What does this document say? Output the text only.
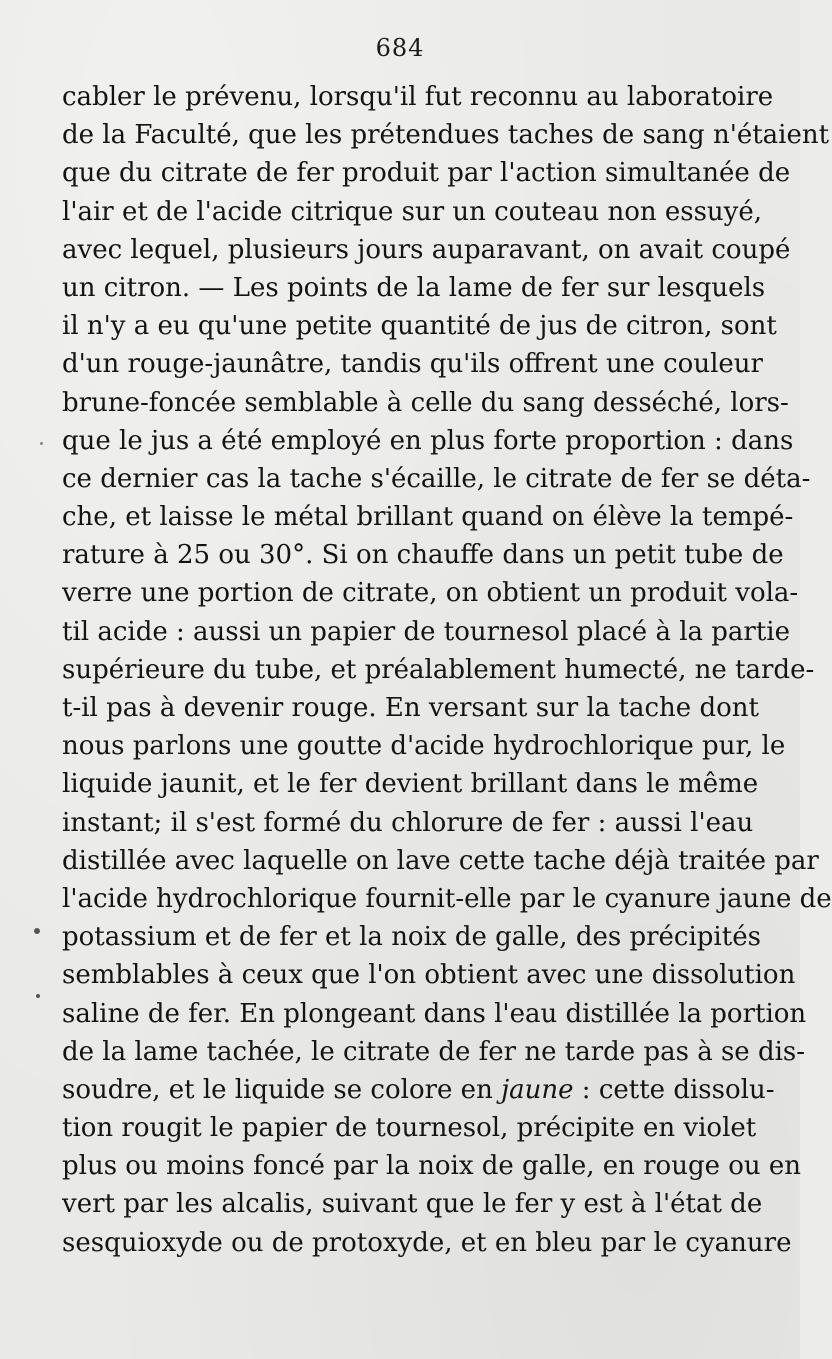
684
cabler le prévenu, lorsqu'il fut reconnu au laboratoire
de la Faculté, que les prétendues taches de sang n'étaient
que du citrate de fer produit par l'action simultanée de
l'air et de l'acide citrique sur un couteau non essuyé,
avec lequel, plusieurs jours auparavant, on avait coupé
un citron. — Les points de la lame de fer sur lesquels
il n'y a eu qu'une petite quantité de jus de citron, sont
d'un rouge-jaunâtre, tandis qu'ils offrent une couleur
brune-foncée semblable à celle du sang desséché, lors-
que le jus a été employé en plus forte proportion : dans
ce dernier cas la tache s'écaille, le citrate de fer se déta-
che, et laisse le métal brillant quand on élève la tempé-
rature à 25 ou 30°. Si on chauffe dans un petit tube de
verre une portion de citrate, on obtient un produit vola-
til acide : aussi un papier de tournesol placé à la partie
supérieure du tube, et préalablement humecté, ne tarde-
t-il pas à devenir rouge. En versant sur la tache dont
nous parlons une goutte d'acide hydrochlorique pur, le
liquide jaunit, et le fer devient brillant dans le même
instant; il s'est formé du chlorure de fer : aussi l'eau
distillée avec laquelle on lave cette tache déjà traitée par
l'acide hydrochlorique fournit-elle par le cyanure jaune de
potassium et de fer et la noix de galle, des précipités
semblables à ceux que l'on obtient avec une dissolution
saline de fer. En plongeant dans l'eau distillée la portion
de la lame tachée, le citrate de fer ne tarde pas à se dis-
soudre, et le liquide se colore en jaune : cette dissolu-
tion rougit le papier de tournesol, précipite en violet
plus ou moins foncé par la noix de galle, en rouge ou en
vert par les alcalis, suivant que le fer y est à l'état de
sesquioxyde ou de protoxyde, et en bleu par le cyanure
